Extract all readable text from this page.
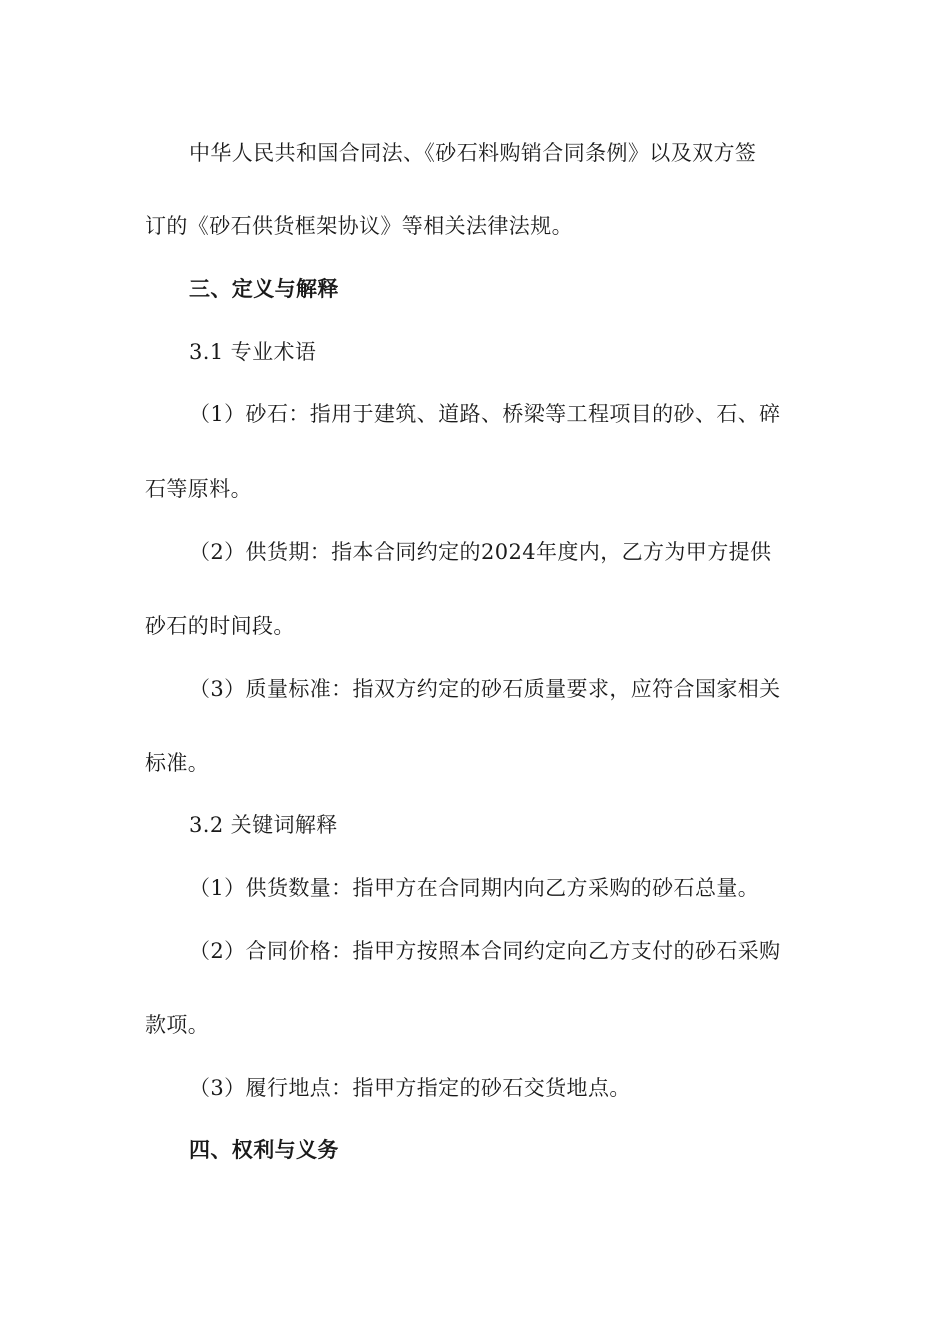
中华人民共和国合同法、《砂石料购销合同条例》以及双方签
订的《砂石供货框架协议》等相关法律法规。
三、定义与解释
3.1 专业术语
（1）砂石：指用于建筑、道路、桥梁等工程项目的砂、石、碎
石等原料。
（2）供货期：指本合同约定的2024年度内，乙方为甲方提供
砂石的时间段。
（3）质量标准：指双方约定的砂石质量要求，应符合国家相关
标准。
3.2 关键词解释
（1）供货数量：指甲方在合同期内向乙方采购的砂石总量。
（2）合同价格：指甲方按照本合同约定向乙方支付的砂石采购
款项。
（3）履行地点：指甲方指定的砂石交货地点。
四、权利与义务
